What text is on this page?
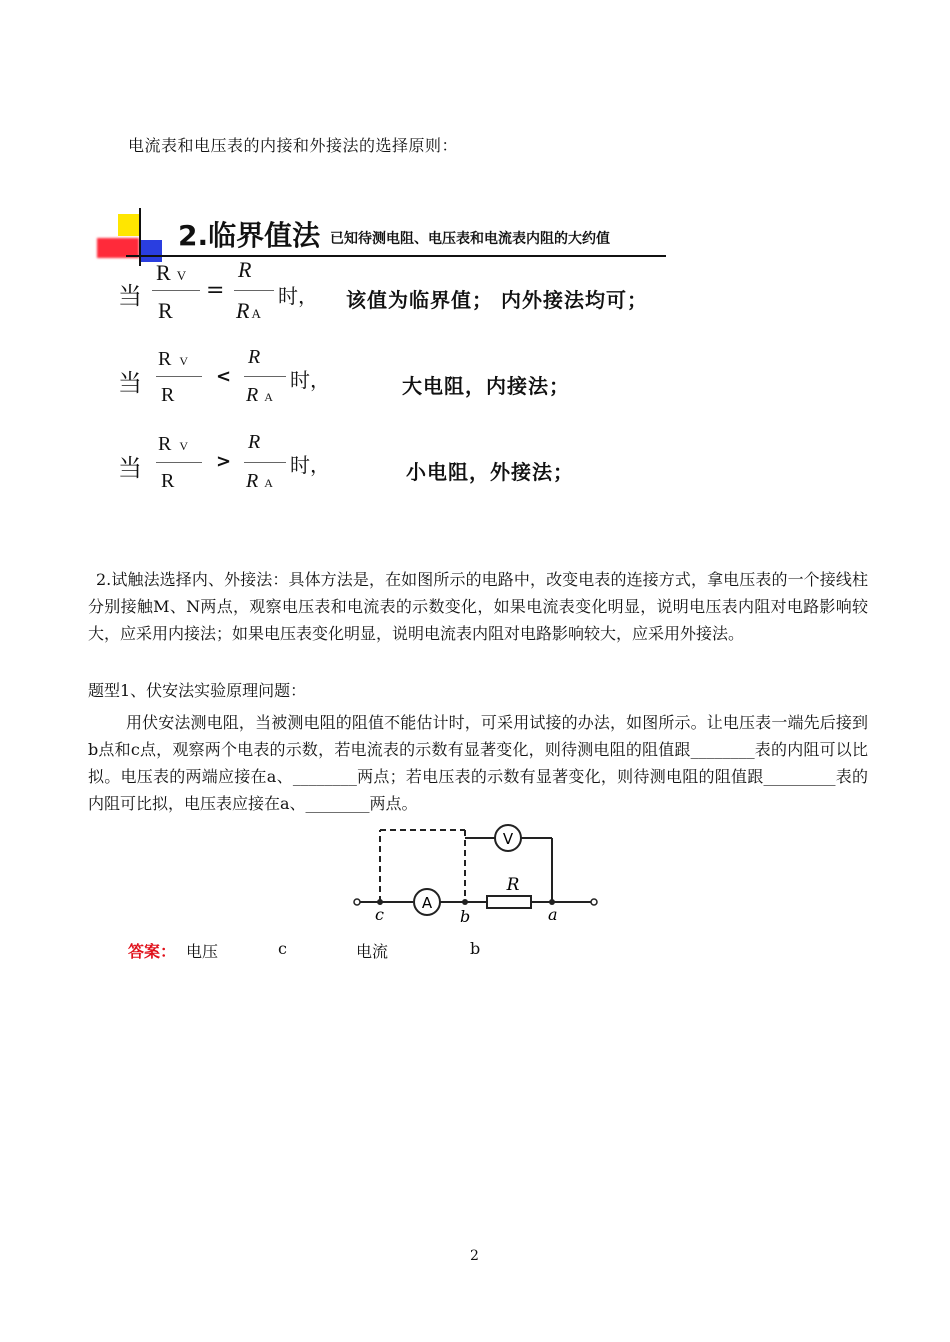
电流表和电压表的内接和外接法的选择原则：
2.临界值法 已知待测电阻、电压表和电流表内阻的大约值
当
R V
R
=
R
R A
时， 该值为临界值； 内外接法均可；
当
R V
R
<
R
R A
时，	大电阻，内接法；
当
R V
R
>
R
R A
时，	小电阻，外接法；
2.试触法选择内、外接法：具体方法是，在如图所示的电路中，改变电表的连接方式，拿电压表的一个接线柱分别接触M、N两点，观察电压表和电流表的示数变化，如果电流表变化明显，说明电压表内阻对电路影响较大，应采用内接法；如果电压表变化明显，说明电流表内阻对电路影响较大，应采用外接法。
题型1、伏安法实验原理问题：
用伏安法测电阻，当被测电阻的阻值不能估计时，可采用试接的办法，如图所示。让电压表一端先后接到b点和c点，观察两个电表的示数，若电流表的示数有显著变化，则待测电阻的阻值跟________表的内阻可以比拟。电压表的两端应接在a、________两点；若电压表的示数有显著变化，则待测电阻的阻值跟_________表的内阻可比拟，电压表应接在a、________两点。
V
A
R
c	b	a
答案： 电压	c	电流	b
2
